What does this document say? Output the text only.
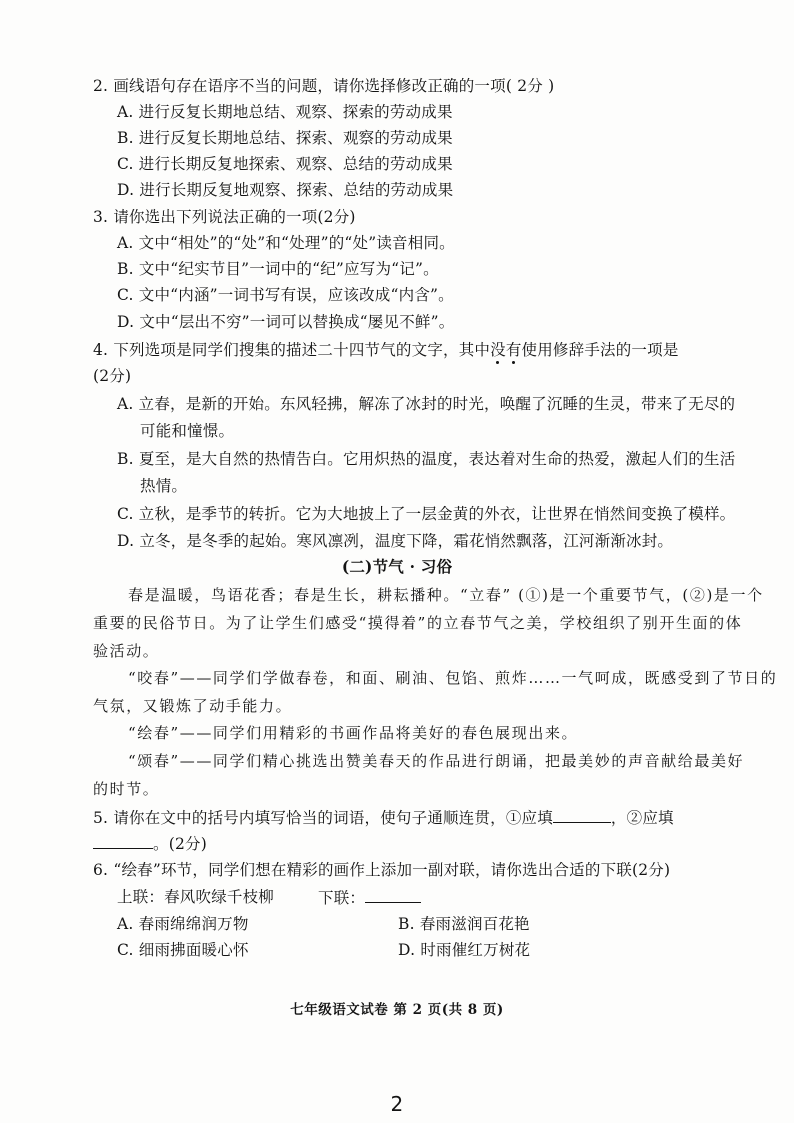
2. 画线语句存在语序不当的问题，请你选择修改正确的一项( 2分 )
A. 进行反复长期地总结、观察、探索的劳动成果
B. 进行反复长期地总结、探索、观察的劳动成果
C. 进行长期反复地探索、观察、总结的劳动成果
D. 进行长期反复地观察、探索、总结的劳动成果
3. 请你选出下列说法正确的一项(2分)
A. 文中“相处”的“处”和“处理”的“处”读音相同。
B. 文中“纪实节目”一词中的“纪”应写为“记”。
C. 文中“内涵”一词书写有误，应该改成“内含”。
D. 文中“层出不穷”一词可以替换成“屡见不鲜”。
4. 下列选项是同学们搜集的描述二十四节气的文字，其中没有使用修辞手法的一项是
(2分)
A. 立春，是新的开始。东风轻拂，解冻了冰封的时光，唤醒了沉睡的生灵，带来了无尽的
可能和憧憬。
B. 夏至，是大自然的热情告白。它用炽热的温度，表达着对生命的热爱，激起人们的生活
热情。
C. 立秋，是季节的转折。它为大地披上了一层金黄的外衣，让世界在悄然间变换了模样。
D. 立冬，是冬季的起始。寒风凛冽，温度下降，霜花悄然飘落，江河渐渐冰封。
(二)节气 · 习俗
春是温暖，鸟语花香；春是生长，耕耘播种。“立春” (①)是一个重要节气，(②)是一个
重要的民俗节日。为了让学生们感受“摸得着”的立春节气之美，学校组织了别开生面的体
验活动。
“咬春”——同学们学做春卷，和面、刷油、包馅、煎炸……一气呵成，既感受到了节日的
气氛，又锻炼了动手能力。
“绘春”——同学们用精彩的书画作品将美好的春色展现出来。
“颂春”——同学们精心挑选出赞美春天的作品进行朗诵，把最美妙的声音献给最美好
的时节。
5. 请你在文中的括号内填写恰当的词语，使句子通顺连贯，①应填	，②应填
。(2分)
6. “绘春”环节，同学们想在精彩的画作上添加一副对联，请你选出合适的下联(2分)
上联：春风吹绿千枝柳	下联：
A. 春雨绵绵润万物	B. 春雨滋润百花艳
C. 细雨拂面暖心怀	D. 时雨催红万树花
七年级语文试卷 第 2 页(共 8 页)
2
